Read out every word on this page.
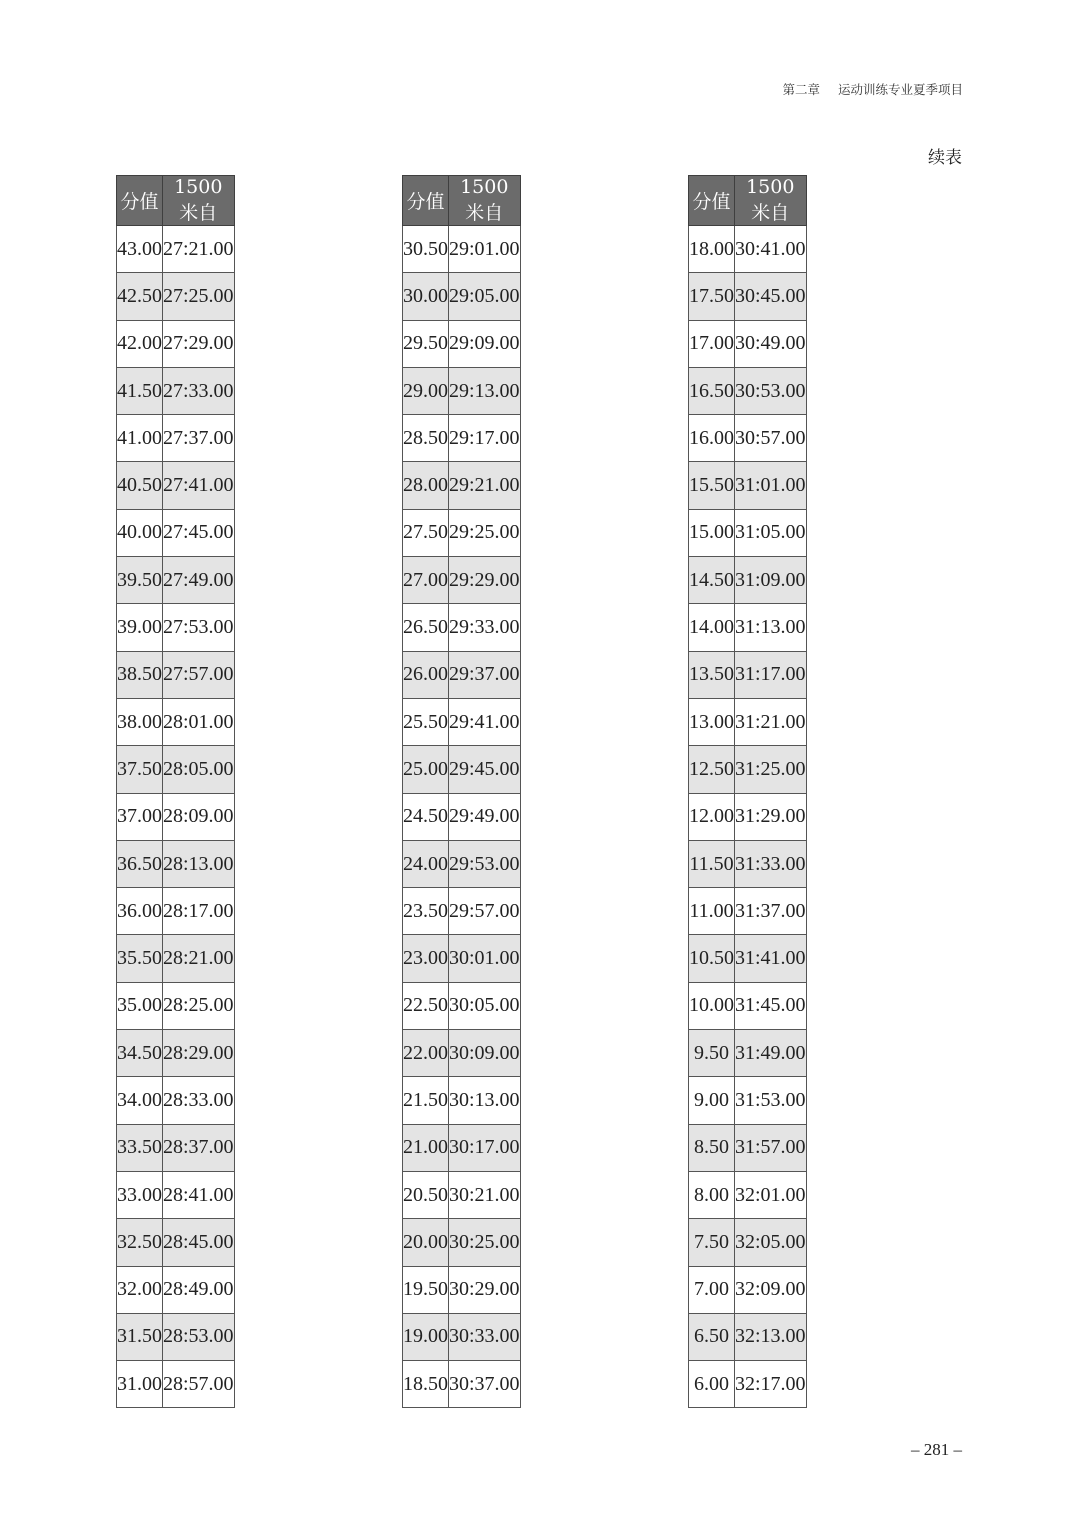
第二章 运动训练专业夏季项目
续表
分值	1500 米自
43.00	27:21.00
42.50	27:25.00
42.00	27:29.00
41.50	27:33.00
41.00	27:37.00
40.50	27:41.00
40.00	27:45.00
39.50	27:49.00
39.00	27:53.00
38.50	27:57.00
38.00	28:01.00
37.50	28:05.00
37.00	28:09.00
36.50	28:13.00
36.00	28:17.00
35.50	28:21.00
35.00	28:25.00
34.50	28:29.00
34.00	28:33.00
33.50	28:37.00
33.00	28:41.00
32.50	28:45.00
32.00	28:49.00
31.50	28:53.00
31.00	28:57.00
分值	1500 米自
30.50	29:01.00
30.00	29:05.00
29.50	29:09.00
29.00	29:13.00
28.50	29:17.00
28.00	29:21.00
27.50	29:25.00
27.00	29:29.00
26.50	29:33.00
26.00	29:37.00
25.50	29:41.00
25.00	29:45.00
24.50	29:49.00
24.00	29:53.00
23.50	29:57.00
23.00	30:01.00
22.50	30:05.00
22.00	30:09.00
21.50	30:13.00
21.00	30:17.00
20.50	30:21.00
20.00	30:25.00
19.50	30:29.00
19.00	30:33.00
18.50	30:37.00
分值	1500 米自
18.00	30:41.00
17.50	30:45.00
17.00	30:49.00
16.50	30:53.00
16.00	30:57.00
15.50	31:01.00
15.00	31:05.00
14.50	31:09.00
14.00	31:13.00
13.50	31:17.00
13.00	31:21.00
12.50	31:25.00
12.00	31:29.00
11.50	31:33.00
11.00	31:37.00
10.50	31:41.00
10.00	31:45.00
9.50	31:49.00
9.00	31:53.00
8.50	31:57.00
8.00	32:01.00
7.50	32:05.00
7.00	32:09.00
6.50	32:13.00
6.00	32:17.00
– 281 –
